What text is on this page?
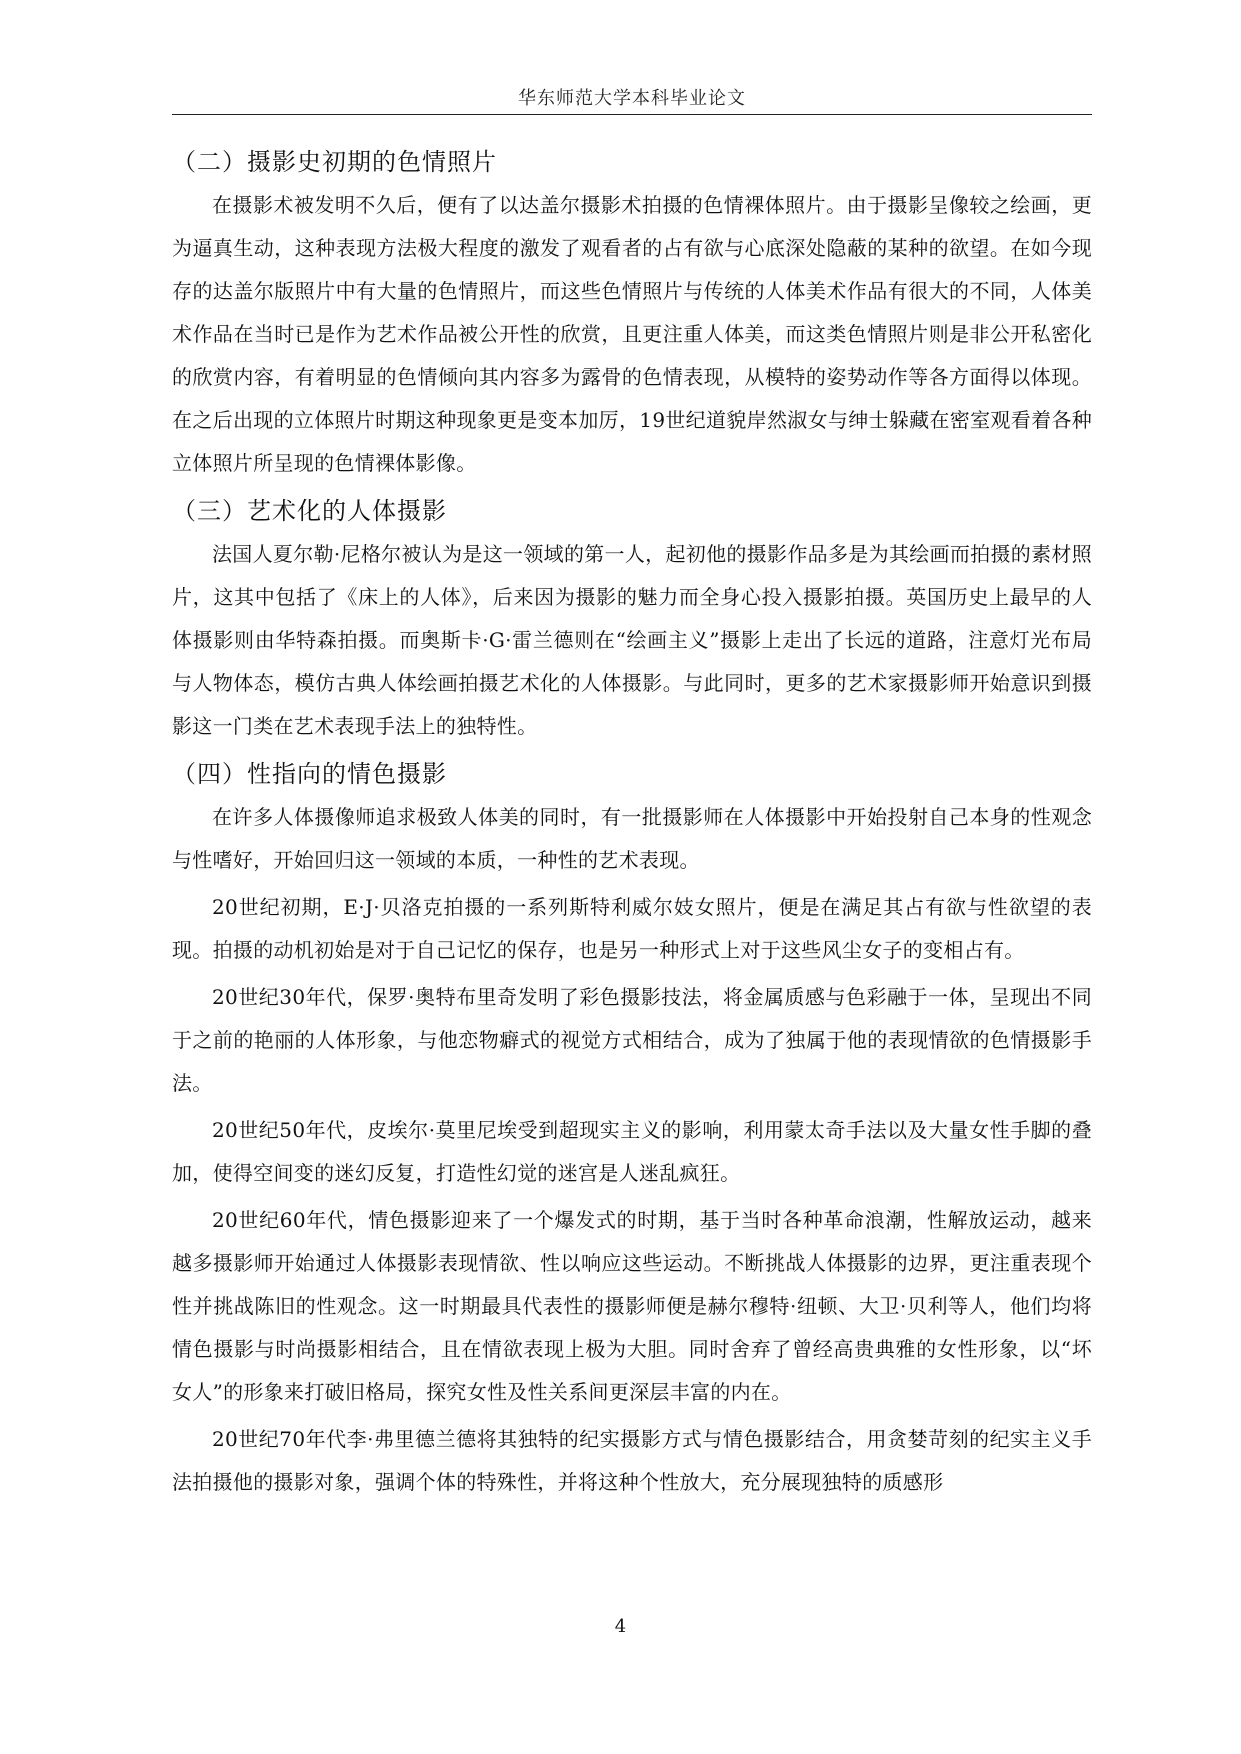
华东师范大学本科毕业论文
（二）摄影史初期的色情照片

在摄影术被发明不久后，便有了以达盖尔摄影术拍摄的色情裸体照片。由于摄影呈像较之绘画，更为逼真生动，这种表现方法极大程度的激发了观看者的占有欲与心底深处隐蔽的某种的欲望。在如今现存的达盖尔版照片中有大量的色情照片，而这些色情照片与传统的人体美术作品有很大的不同，人体美术作品在当时已是作为艺术作品被公开性的欣赏，且更注重人体美，而这类色情照片则是非公开私密化的欣赏内容，有着明显的色情倾向其内容多为露骨的色情表现，从模特的姿势动作等各方面得以体现。在之后出现的立体照片时期这种现象更是变本加厉，19世纪道貌岸然淑女与绅士躲藏在密室观看着各种立体照片所呈现的色情裸体影像。

（三）艺术化的人体摄影

法国人夏尔勒·尼格尔被认为是这一领域的第一人，起初他的摄影作品多是为其绘画而拍摄的素材照片，这其中包括了《床上的人体》，后来因为摄影的魅力而全身心投入摄影拍摄。英国历史上最早的人体摄影则由华特森拍摄。而奥斯卡·G·雷兰德则在“绘画主义”摄影上走出了长远的道路，注意灯光布局与人物体态，模仿古典人体绘画拍摄艺术化的人体摄影。与此同时，更多的艺术家摄影师开始意识到摄影这一门类在艺术表现手法上的独特性。

（四）性指向的情色摄影

在许多人体摄像师追求极致人体美的同时，有一批摄影师在人体摄影中开始投射自己本身的性观念与性嗜好，开始回归这一领域的本质，一种性的艺术表现。

20世纪初期，E·J·贝洛克拍摄的一系列斯特利威尔妓女照片，便是在满足其占有欲与性欲望的表现。拍摄的动机初始是对于自己记忆的保存，也是另一种形式上对于这些风尘女子的变相占有。

20世纪30年代，保罗·奥特布里奇发明了彩色摄影技法，将金属质感与色彩融于一体，呈现出不同于之前的艳丽的人体形象，与他恋物癖式的视觉方式相结合，成为了独属于他的表现情欲的色情摄影手法。

20世纪50年代，皮埃尔·莫里尼埃受到超现实主义的影响，利用蒙太奇手法以及大量女性手脚的叠加，使得空间变的迷幻反复，打造性幻觉的迷宫是人迷乱疯狂。

20世纪60年代，情色摄影迎来了一个爆发式的时期，基于当时各种革命浪潮，性解放运动，越来越多摄影师开始通过人体摄影表现情欲、性以响应这些运动。不断挑战人体摄影的边界，更注重表现个性并挑战陈旧的性观念。这一时期最具代表性的摄影师便是赫尔穆特·纽顿、大卫·贝利等人，他们均将情色摄影与时尚摄影相结合，且在情欲表现上极为大胆。同时舍弃了曾经高贵典雅的女性形象，以“坏女人”的形象来打破旧格局，探究女性及性关系间更深层丰富的内在。

20世纪70年代李·弗里德兰德将其独特的纪实摄影方式与情色摄影结合，用贪婪苛刻的纪实主义手法拍摄他的摄影对象，强调个体的特殊性，并将这种个性放大，充分展现独特的质感形

4
